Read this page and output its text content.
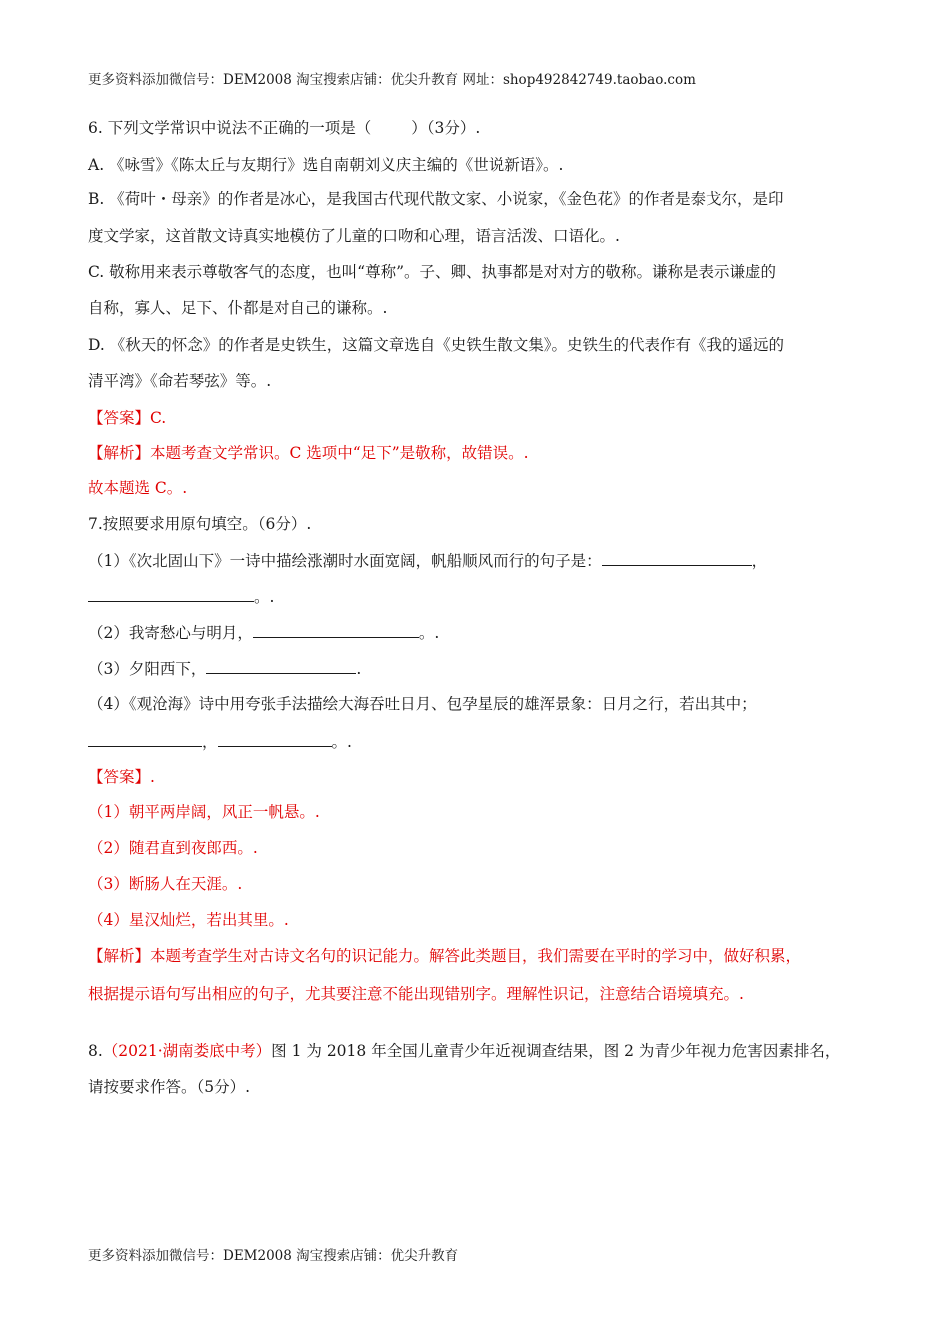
更多资料添加微信号：DEM2008 淘宝搜索店铺：优尖升教育 网址：shop492842749.taobao.com
6. 下列文学常识中说法不正确的一项是（	）（3分）.
A. 《咏雪》《陈太丘与友期行》选自南朝刘义庆主编的《世说新语》。.
B. 《荷叶・母亲》的作者是冰心，是我国古代现代散文家、小说家，《金色花》的作者是泰戈尔，是印
度文学家，这首散文诗真实地模仿了儿童的口吻和心理，语言活泼、口语化。.
C. 敬称用来表示尊敬客气的态度，也叫“尊称”。子、卿、执事都是对对方的敬称。谦称是表示谦虚的
自称，寡人、足下、仆都是对自己的谦称。.
D. 《秋天的怀念》的作者是史铁生，这篇文章选自《史铁生散文集》。史铁生的代表作有《我的遥远的
清平湾》《命若琴弦》等。.
【答案】C.
【解析】本题考查文学常识。C 选项中“足下”是敬称，故错误。.
故本题选 C。.
7.按照要求用原句填空。（6分）.
（1）《次北固山下》一诗中描绘涨潮时水面宽阔，帆船顺风而行的句子是：	，
。.
（2）我寄愁心与明月，	。.
（3）夕阳西下，	.
（4）《观沧海》诗中用夸张手法描绘大海吞吐日月、包孕星辰的雄浑景象：日月之行，若出其中；
，	。.
【答案】.
（1）朝平两岸阔，风正一帆悬。.
（2）随君直到夜郎西。.
（3）断肠人在天涯。.
（4）星汉灿烂，若出其里。.
【解析】本题考查学生对古诗文名句的识记能力。解答此类题目，我们需要在平时的学习中，做好积累，
根据提示语句写出相应的句子，尤其要注意不能出现错别字。理解性识记，注意结合语境填充。.
8.（2021·湖南娄底中考）图 1 为 2018 年全国儿童青少年近视调查结果，图 2 为青少年视力危害因素排名，
请按要求作答。（5分）.
更多资料添加微信号：DEM2008 淘宝搜索店铺：优尖升教育
